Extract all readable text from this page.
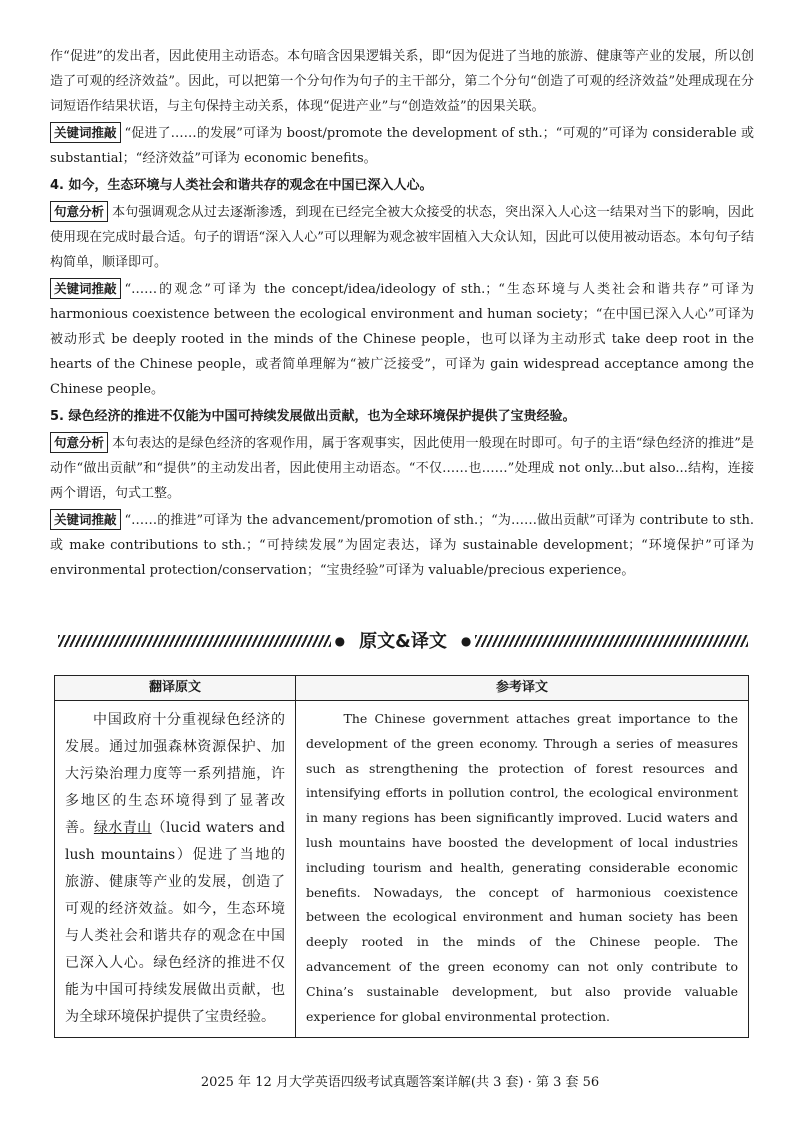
作“促进”的发出者，因此使用主动语态。本句暗含因果逻辑关系，即“因为促进了当地的旅游、健康等产业的发展，所以创造了可观的经济效益”。因此，可以把第一个分句作为句子的主干部分，第二个分句“创造了可观的经济效益”处理成现在分词短语作结果状语，与主句保持主动关系，体现“促进产业”与“创造效益”的因果关联。

关键词推敲 “促进了……的发展”可译为 boost/promote the development of sth.；“可观的”可译为 considerable 或 substantial；“经济效益”可译为 economic benefits。

4. 如今，生态环境与人类社会和谐共存的观念在中国已深入人心。

句意分析 本句强调观念从过去逐渐渗透，到现在已经完全被大众接受的状态，突出深入人心这一结果对当下的影响，因此使用现在完成时最合适。句子的谓语“深入人心”可以理解为观念被牢固植入大众认知，因此可以使用被动语态。本句句子结构简单，顺译即可。

关键词推敲 “……的观念”可译为 the concept/idea/ideology of sth.；“生态环境与人类社会和谐共存”可译为 harmonious coexistence between the ecological environment and human society；“在中国已深入人心”可译为被动形式 be deeply rooted in the minds of the Chinese people，也可以译为主动形式 take deep root in the hearts of the Chinese people，或者简单理解为“被广泛接受”，可译为 gain widespread acceptance among the Chinese people。

5. 绿色经济的推进不仅能为中国可持续发展做出贡献，也为全球环境保护提供了宝贵经验。

句意分析 本句表达的是绿色经济的客观作用，属于客观事实，因此使用一般现在时即可。句子的主语“绿色经济的推进”是动作“做出贡献”和“提供”的主动发出者，因此使用主动语态。“不仅……也……”处理成 not only...but also...结构，连接两个谓语，句式工整。

关键词推敲 “……的推进”可译为 the advancement/promotion of sth.；“为……做出贡献”可译为 contribute to sth.或 make contributions to sth.；“可持续发展”为固定表达，译为 sustainable development；“环境保护”可译为 environmental protection/conservation；“宝贵经验”可译为 valuable/precious experience。

● 原文&译文	●
翻译原文	参考译文

中国政府十分重视绿色经济的发展。通过加强森林资源保护、加大污染治理力度等一系列措施，许多地区的生态环境得到了显著改善。绿水青山（lucid waters and lush mountains）促进了当地的旅游、健康等产业的发展，创造了可观的经济效益。如今，生态环境与人类社会和谐共存的观念在中国已深入人心。绿色经济的推进不仅能为中国可持续发展做出贡献，也为全球环境保护提供了宝贵经验。	The Chinese government attaches great importance to the development of the green economy. Through a series of measures such as strengthening the protection of forest resources and intensifying efforts in pollution control, the ecological environment in many regions has been significantly improved. Lucid waters and lush mountains have boosted the development of local industries including tourism and health, generating considerable economic benefits. Nowadays, the concept of harmonious coexistence between the ecological environment and human society has been deeply rooted in the minds of the Chinese people. The advancement of the green economy can not only contribute to China’s sustainable development, but also provide valuable experience for global environmental protection.

2025 年 12 月大学英语四级考试真题答案详解(共 3 套) · 第 3 套 56
